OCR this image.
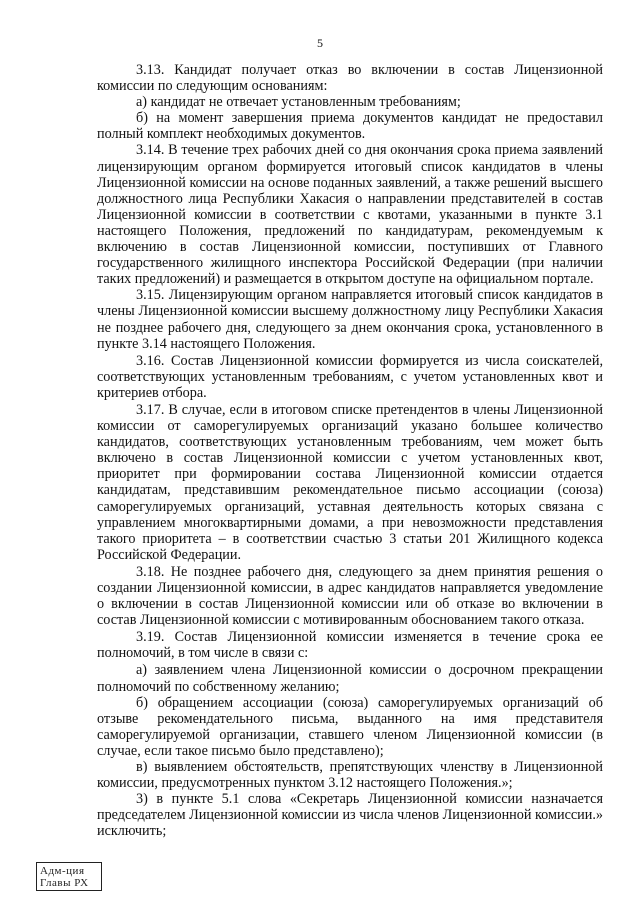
5

3.13. Кандидат получает отказ во включении в состав Лицензионной комиссии по следующим основаниям:

а) кандидат не отвечает установленным требованиям;

б) на момент завершения приема документов кандидат не предоставил полный комплект необходимых документов.

3.14. В течение трех рабочих дней со дня окончания срока приема заявлений лицензирующим органом формируется итоговый список кандидатов в члены Лицензионной комиссии на основе поданных заявлений, а также решений высшего должностного лица Республики Хакасия о направлении представителей в состав Лицензионной комиссии в соответствии с квотами, указанными в пункте 3.1 настоящего Положения, предложений по кандидатурам, рекомендуемым к включению в состав Лицензионной комиссии, поступивших от Главного государственного жилищного инспектора Российской Федерации (при наличии таких предложений) и размещается в открытом доступе на официальном портале.

3.15. Лицензирующим органом направляется итоговый список кандидатов в члены Лицензионной комиссии высшему должностному лицу Республики Хакасия не позднее рабочего дня, следующего за днем окончания срока, установленного в пункте 3.14 настоящего Положения.

3.16. Состав Лицензионной комиссии формируется из числа соискателей, соответствующих установленным требованиям, с учетом установленных квот и критериев отбора.

3.17. В случае, если в итоговом списке претендентов в члены Лицензионной комиссии от саморегулируемых организаций указано большее количество кандидатов, соответствующих установленным требованиям, чем может быть включено в состав Лицензионной комиссии с учетом установленных квот, приоритет при формировании состава Лицензионной комиссии отдается кандидатам, представившим рекомендательное письмо ассоциации (союза) саморегулируемых организаций, уставная деятельность которых связана с управлением многоквартирными домами, а при невозможности представления такого приоритета – в соответствии счастью 3 статьи 201 Жилищного кодекса Российской Федерации.

3.18. Не позднее рабочего дня, следующего за днем принятия решения о создании Лицензионной комиссии, в адрес кандидатов направляется уведомление о включении в состав Лицензионной комиссии или об отказе во включении в состав Лицензионной комиссии с мотивированным обоснованием такого отказа.

3.19. Состав Лицензионной комиссии изменяется в течение срока ее полномочий, в том числе в связи с:

а) заявлением члена Лицензионной комиссии о досрочном прекращении полномочий по собственному желанию;

б) обращением ассоциации (союза) саморегулируемых организаций об отзыве рекомендательного письма, выданного на имя представителя саморегулируемой организации, ставшего членом Лицензионной комиссии (в случае, если такое письмо было представлено);

в) выявлением обстоятельств, препятствующих членству в Лицензионной комиссии, предусмотренных пунктом 3.12 настоящего Положения.»;

3) в пункте 5.1 слова «Секретарь Лицензионной комиссии назначается председателем Лицензионной комиссии из числа членов Лицензионной комиссии.» исключить;

Адм-ция
Главы РХ
